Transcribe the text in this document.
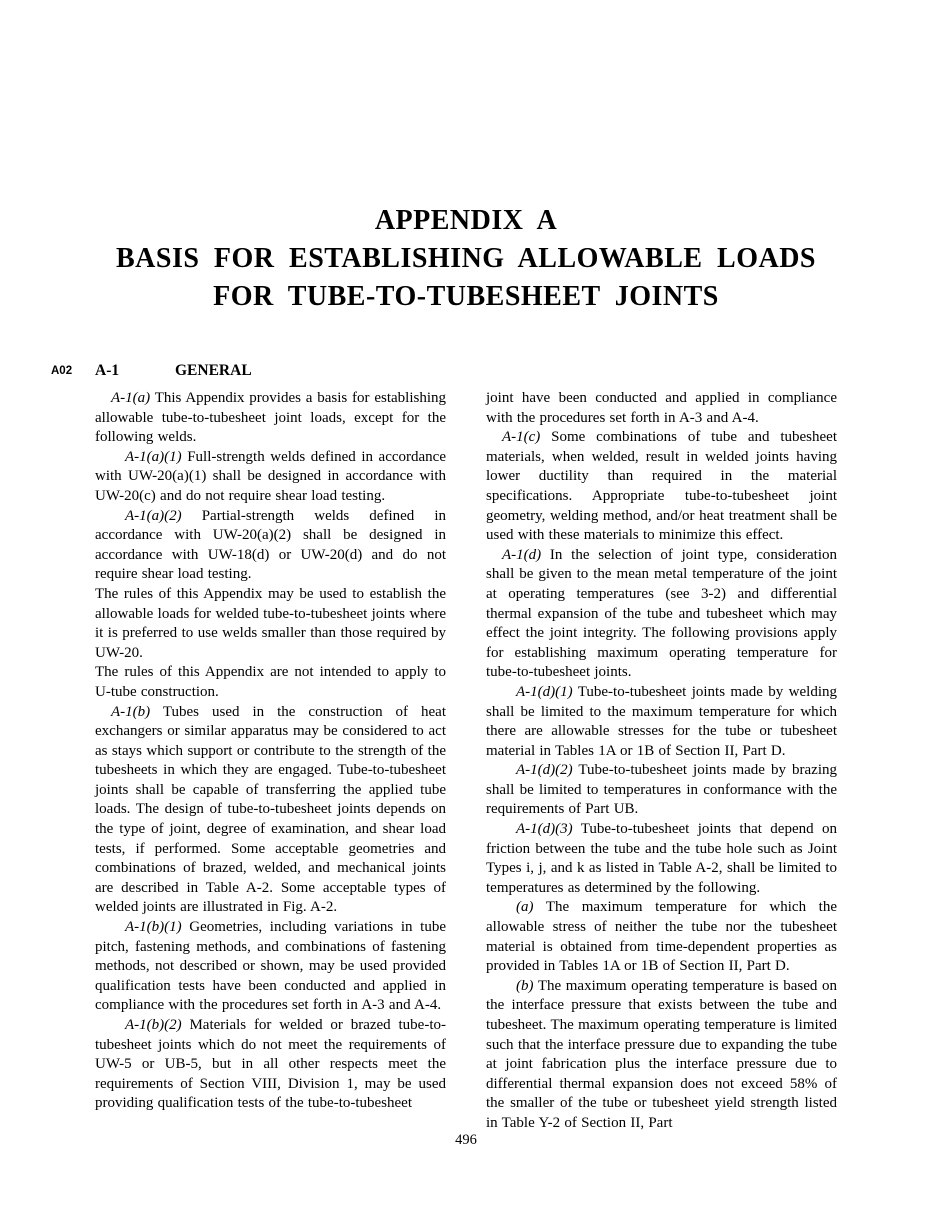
APPENDIX A
BASIS FOR ESTABLISHING ALLOWABLE LOADS
FOR TUBE-TO-TUBESHEET JOINTS
A02 A-1	GENERAL

A-1(a) This Appendix provides a basis for establishing allowable tube-to-tubesheet joint loads, except for the following welds.

A-1(a)(1) Full-strength welds defined in accordance with UW-20(a)(1) shall be designed in accordance with UW-20(c) and do not require shear load testing.

A-1(a)(2) Partial-strength welds defined in accordance with UW-20(a)(2) shall be designed in accordance with UW-18(d) or UW-20(d) and do not require shear load testing.

The rules of this Appendix may be used to establish the allowable loads for welded tube-to-tubesheet joints where it is preferred to use welds smaller than those required by UW-20.

The rules of this Appendix are not intended to apply to U-tube construction.

A-1(b) Tubes used in the construction of heat exchangers or similar apparatus may be considered to act as stays which support or contribute to the strength of the tubesheets in which they are engaged. Tube-to-tubesheet joints shall be capable of transferring the applied tube loads. The design of tube-to-tubesheet joints depends on the type of joint, degree of examination, and shear load tests, if performed. Some acceptable geometries and combinations of brazed, welded, and mechanical joints are described in Table A-2. Some acceptable types of welded joints are illustrated in Fig. A-2.

A-1(b)(1) Geometries, including variations in tube pitch, fastening methods, and combinations of fastening methods, not described or shown, may be used provided qualification tests have been conducted and applied in compliance with the procedures set forth in A-3 and A-4.

A-1(b)(2) Materials for welded or brazed tube-to-tubesheet joints which do not meet the requirements of UW-5 or UB-5, but in all other respects meet the requirements of Section VIII, Division 1, may be used providing qualification tests of the tube-to-tubesheet

joint have been conducted and applied in compliance with the procedures set forth in A-3 and A-4.

A-1(c) Some combinations of tube and tubesheet materials, when welded, result in welded joints having lower ductility than required in the material specifications. Appropriate tube-to-tubesheet joint geometry, welding method, and/or heat treatment shall be used with these materials to minimize this effect.

A-1(d) In the selection of joint type, consideration shall be given to the mean metal temperature of the joint at operating temperatures (see 3-2) and differential thermal expansion of the tube and tubesheet which may effect the joint integrity. The following provisions apply for establishing maximum operating temperature for tube-to-tubesheet joints.

A-1(d)(1) Tube-to-tubesheet joints made by welding shall be limited to the maximum temperature for which there are allowable stresses for the tube or tubesheet material in Tables 1A or 1B of Section II, Part D.

A-1(d)(2) Tube-to-tubesheet joints made by brazing shall be limited to temperatures in conformance with the requirements of Part UB.

A-1(d)(3) Tube-to-tubesheet joints that depend on friction between the tube and the tube hole such as Joint Types i, j, and k as listed in Table A-2, shall be limited to temperatures as determined by the following.

(a) The maximum temperature for which the allowable stress of neither the tube nor the tubesheet material is obtained from time-dependent properties as provided in Tables 1A or 1B of Section II, Part D.

(b) The maximum operating temperature is based on the interface pressure that exists between the tube and tubesheet. The maximum operating temperature is limited such that the interface pressure due to expanding the tube at joint fabrication plus the interface pressure due to differential thermal expansion does not exceed 58% of the smaller of the tube or tubesheet yield strength listed in Table Y-2 of Section II, Part

496
